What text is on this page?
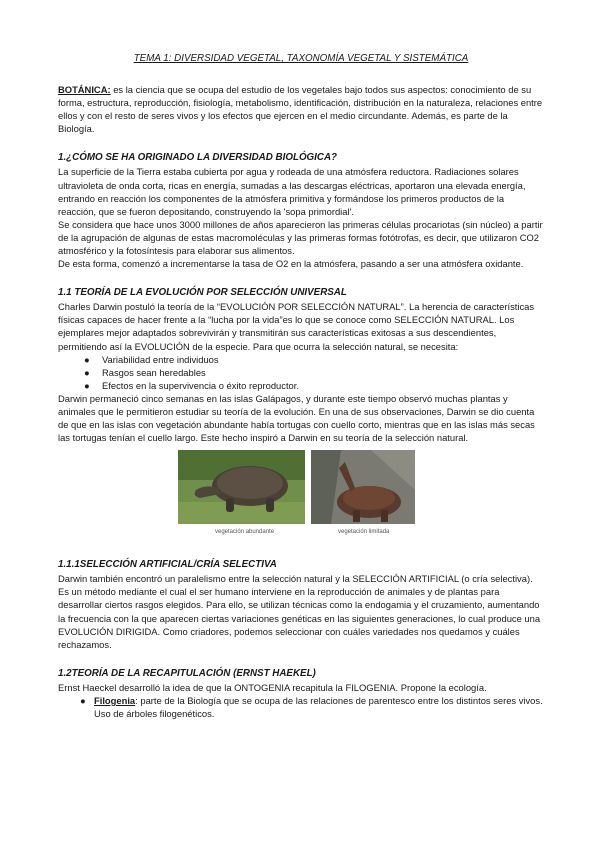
TEMA 1: DIVERSIDAD VEGETAL, TAXONOMÍA VEGETAL Y SISTEMÁTICA

BOTÁNICA: es la ciencia que se ocupa del estudio de los vegetales bajo todos sus aspectos: conocimiento de su forma, estructura, reproducción, fisiología, metabolismo, identificación, distribución en la naturaleza, relaciones entre ellos y con el resto de seres vivos y los efectos que ejercen en el medio circundante. Además, es parte de la Biología.

1.¿CÓMO SE HA ORIGINADO LA DIVERSIDAD BIOLÓGICA?

La superficie de la Tierra estaba cubierta por agua y rodeada de una atmósfera reductora. Radiaciones solares ultravioleta de onda corta, ricas en energía, sumadas a las descargas eléctricas, aportaron una elevada energía, entrando en reacción los componentes de la atmósfera primitiva y formándose los primeros productos de la reacción, que se fueron depositando, construyendo la 'sopa primordial'.

Se considera que hace unos 3000 millones de años aparecieron las primeras células procariotas (sin núcleo) a partir de la agrupación de algunas de estas macromoléculas y las primeras formas fotótrofas, es decir, que utilizaron CO2 atmosférico y la fotosíntesis para elaborar sus alimentos.

De esta forma, comenzó a incrementarse la tasa de O2 en la atmósfera, pasando a ser una atmósfera oxidante.

1.1 TEORÍA DE LA EVOLUCIÓN POR SELECCIÓN UNIVERSAL

Charles Darwin postuló la teoría de la “EVOLUCIÓN POR SELECCIÓN NATURAL”. La herencia de características físicas capaces de hacer frente a la “lucha por la vida”es lo que se conoce como SELECCIÓN NATURAL. Los ejemplares mejor adaptados sobrevivirán y transmitirán sus características exitosas a sus descendientes, permitiendo así la EVOLUCIÓN de la especie. Para que ocurra la selección natural, se necesita:

● Variabilidad entre individuos
● Rasgos sean heredables
● Efectos en la supervivencia o éxito reproductor.

Darwin permaneció cinco semanas en las islas Galápagos, y durante este tiempo observó muchas plantas y animales que le permitieron estudiar su teoría de la evolución. En una de sus observaciones, Darwin se dio cuenta de que en las islas con vegetación abundante había tortugas con cuello corto, mientras que en las islas más secas las tortugas tenían el cuello largo. Este hecho inspiró a Darwin en su teoría de la selección natural.

vegetación abundante	vegetación limitada
1.1.1SELECCIÓN ARTIFICIAL/CRÍA SELECTIVA

Darwin también encontró un paralelismo entre la selección natural y la SELECCIÓN ARTIFICIAL (o cría selectiva). Es un método mediante el cual el ser humano interviene en la reproducción de animales y de plantas para desarrollar ciertos rasgos elegidos. Para ello, se utilizan técnicas como la endogamia y el cruzamiento, aumentando la frecuencia con la que aparecen ciertas variaciones genéticas en las siguientes generaciones, lo cual produce una EVOLUCIÓN DIRIGIDA. Como criadores, podemos seleccionar con cuáles variedades nos quedamos y cuáles rechazamos.

1.2TEORÍA DE LA RECAPITULACIÓN (ERNST HAEKEL)

Ernst Haeckel desarrolló la idea de que la ONTOGENIA recapitula la FILOGENIA. Propone la ecología.

● Filogenia: parte de la Biología que se ocupa de las relaciones de parentesco entre los distintos seres vivos. Uso de árboles filogenéticos.
